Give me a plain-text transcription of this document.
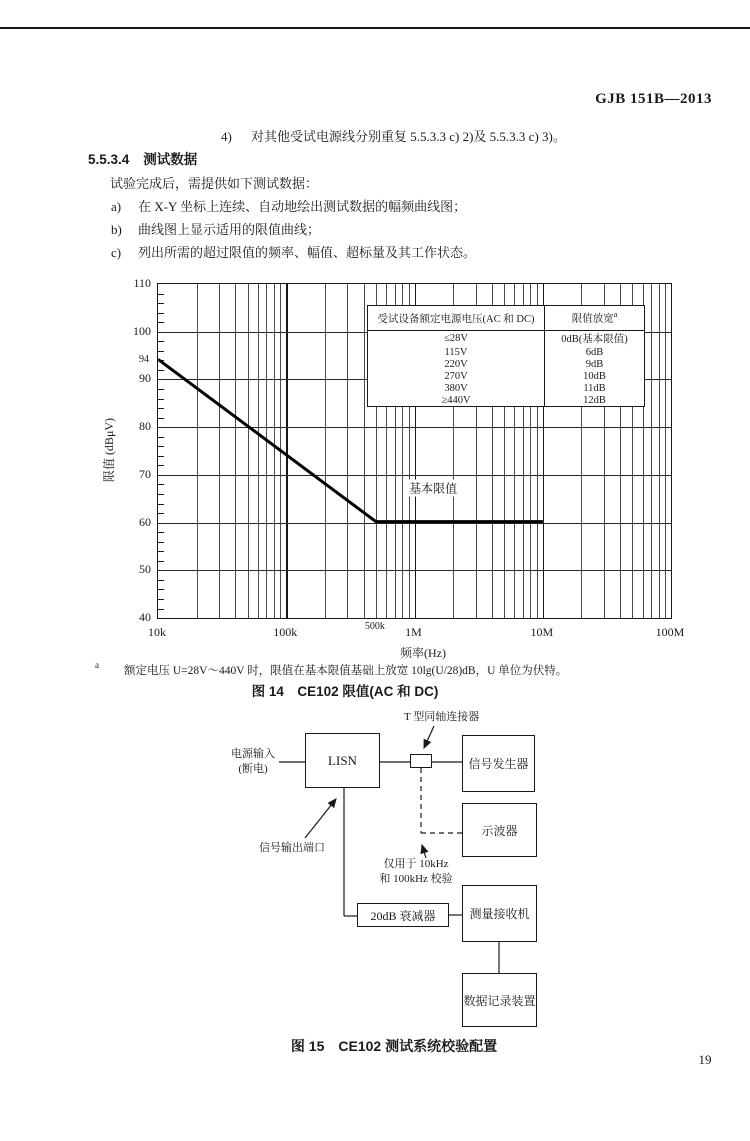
GJB 151B—2013
4) 对其他受试电源线分别重复 5.5.3.3 c) 2)及 5.5.3.3 c) 3)。
5.5.3.4 测试数据
试验完成后，需提供如下测试数据：
a) 在 X-Y 坐标上连续、自动地绘出测试数据的幅频曲线图；
b) 曲线图上显示适用的限值曲线；
c) 列出所需的超过限值的频率、幅值、超标量及其工作状态。
基本限值
限值 (dBμV)
频率(Hz)
受试设备额定电源电压(AC 和 DC)	限值放宽$^a$
≤28V	0dB(基本限值)
115V	6dB
220V	9dB
270V	10dB
380V	11dB
≥440V	12dB
110
100
94
90
80
70
60
50
40
10k	100k	500k	1M	10M	100M
a 额定电压 U=28V～440V 时，限值在基本限值基础上放宽 10lg(U/28)dB，U 单位为伏特。
图 14　CE102 限值(AC 和 DC)
LISN	信号发生器
示波器
20dB 衰减器	测量接收机
数据记录装置
电源输入
(断电)
T 型同轴连接器
信号输出端口
仅用于 10kHz
和 100kHz 校验
图 15　CE102 测试系统校验配置
19
